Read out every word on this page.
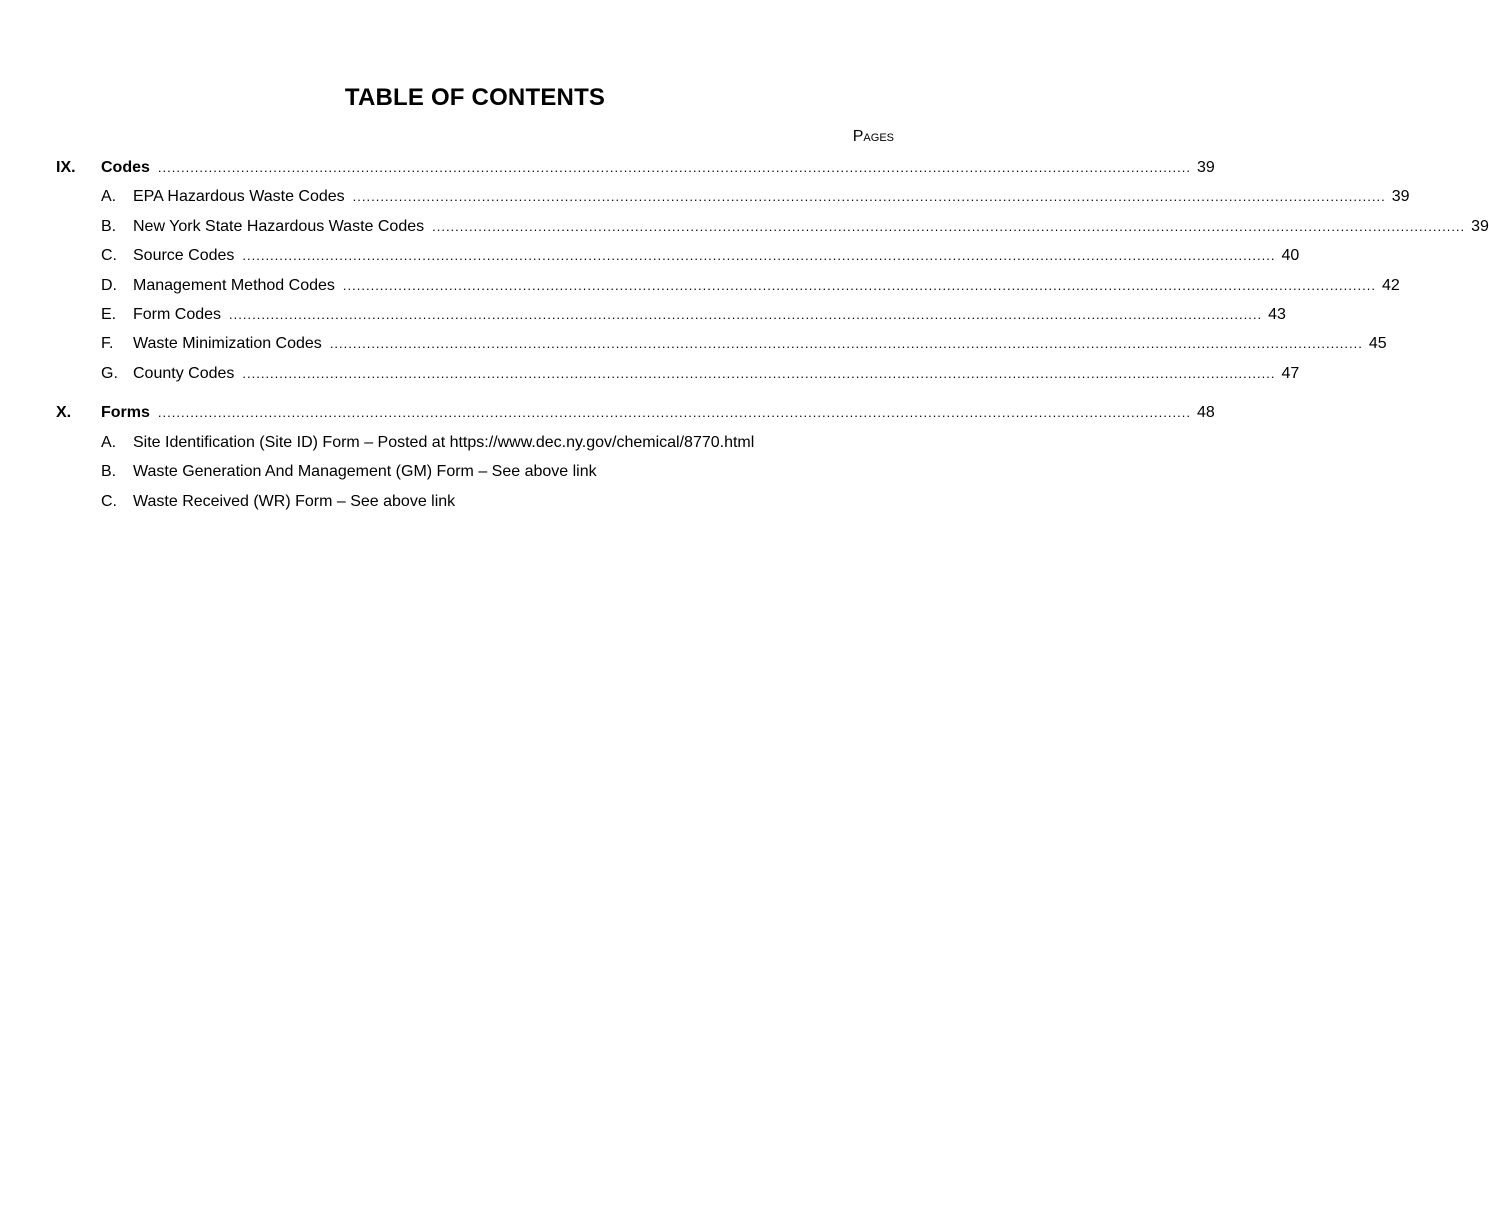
TABLE OF CONTENTS
Pages
IX. Codes ................................................................................................................................................................................................................................ 39
A. EPA Hazardous Waste Codes ................................................................................................................................................................................................................................ 39
B. New York State Hazardous Waste Codes ................................................................................................................................................................................................................................ 39
C. Source Codes ................................................................................................................................................................................................................................ 40
D. Management Method Codes ................................................................................................................................................................................................................................ 42
E. Form Codes ................................................................................................................................................................................................................................ 43
F. Waste Minimization Codes ................................................................................................................................................................................................................................ 45
G. County Codes ................................................................................................................................................................................................................................ 47
X. Forms ................................................................................................................................................................................................................................ 48
A. Site Identification (Site ID) Form – Posted at https://www.dec.ny.gov/chemical/8770.html
B. Waste Generation And Management (GM) Form – See above link
C. Waste Received (WR) Form – See above link
